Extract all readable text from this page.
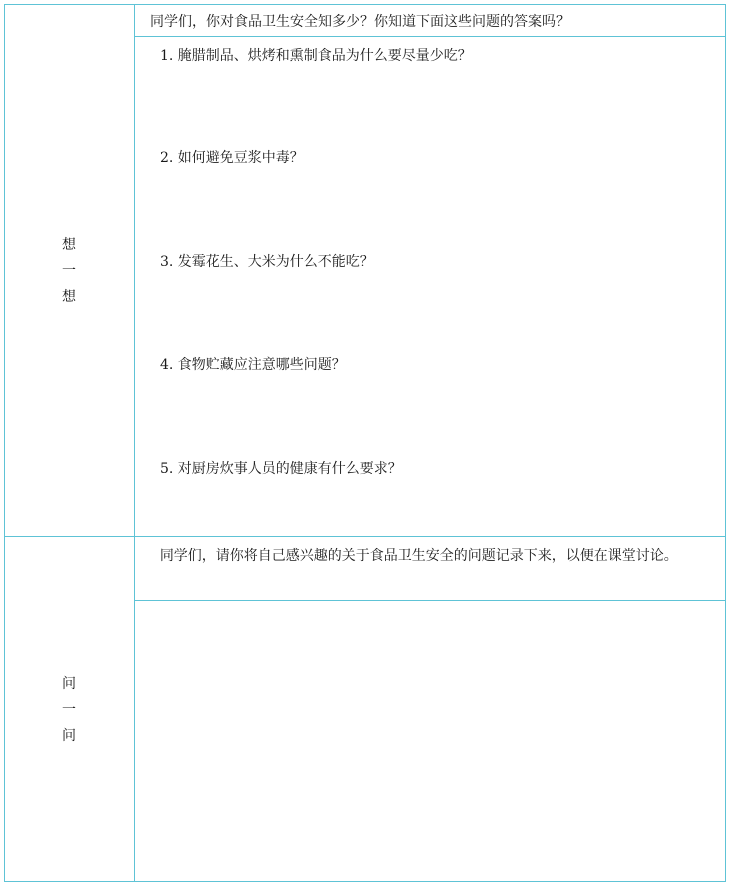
想
一
想
同学们，你对食品卫生安全知多少？你知道下面这些问题的答案吗？
1. 腌腊制品、烘烤和熏制食品为什么要尽量少吃？
2. 如何避免豆浆中毒？
3. 发霉花生、大米为什么不能吃？
4. 食物贮藏应注意哪些问题？
5. 对厨房炊事人员的健康有什么要求？
问
一
问
同学们，请你将自己感兴趣的关于食品卫生安全的问题记录下来，以便在课堂讨论。
